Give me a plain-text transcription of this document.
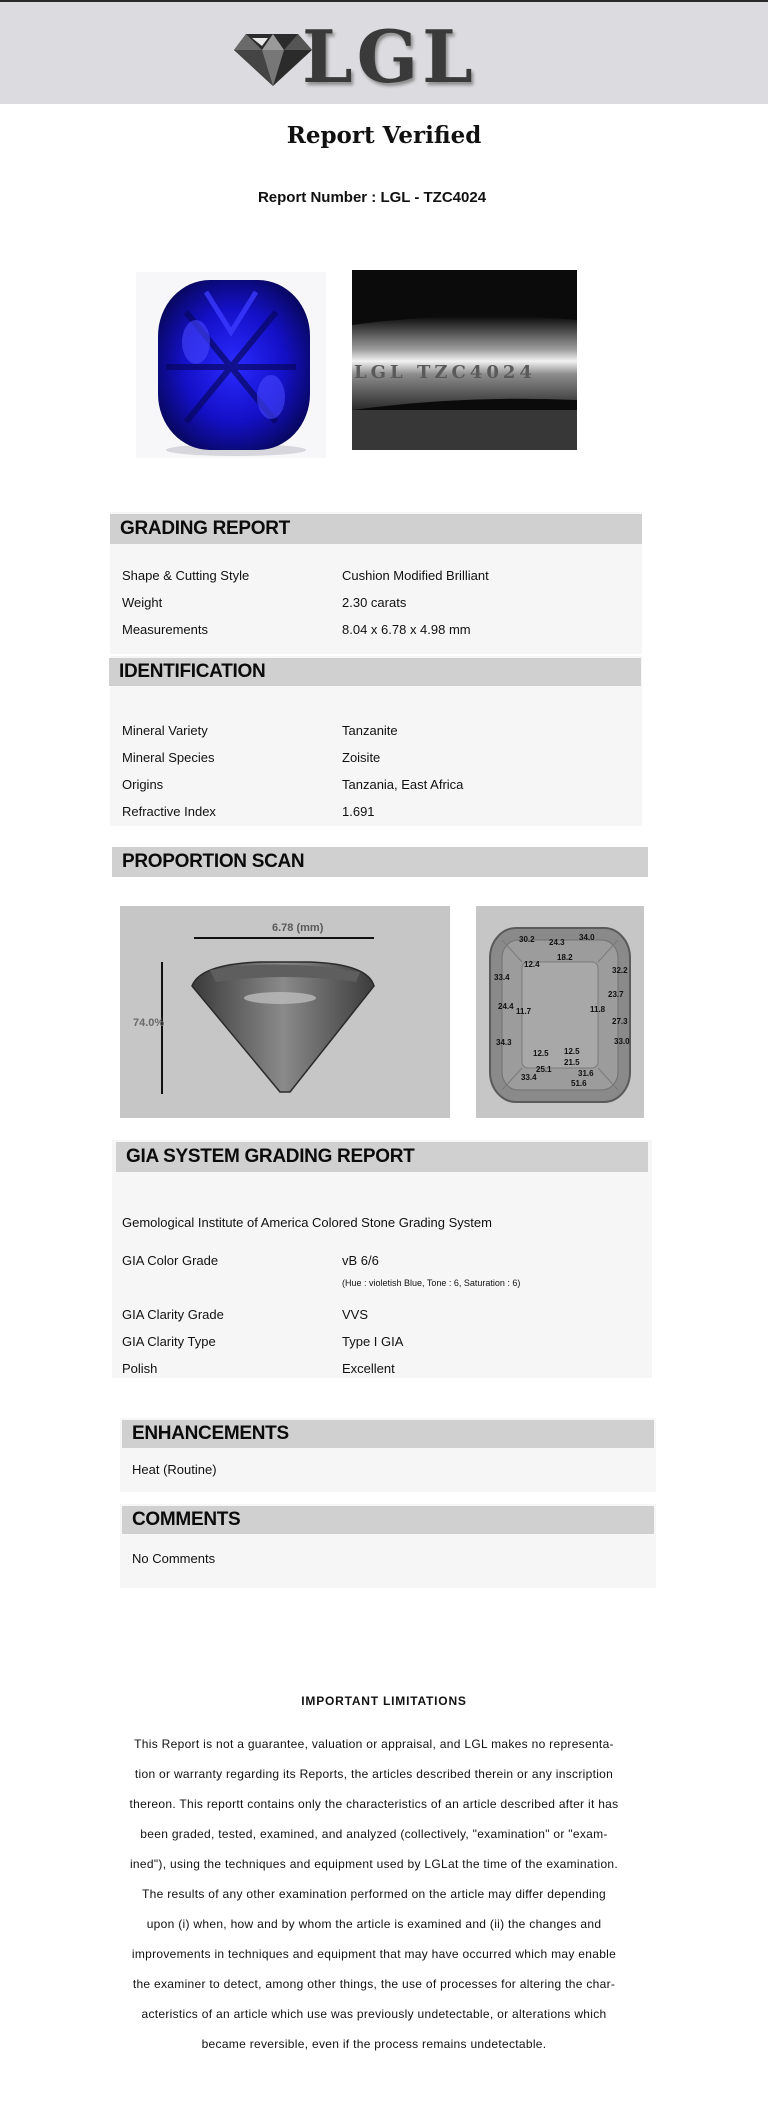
LGL
Report Verified
Report Number : LGL - TZC4024
LGL TZC4024
GRADING REPORT
Shape & Cutting Style	Cushion Modified Brilliant
Weight	2.30 carats
Measurements	8.04 x 6.78 x 4.98 mm
IDENTIFICATION
Mineral Variety	Tanzanite
Mineral Species	Zoisite
Origins	Tanzania, East Africa
Refractive Index	1.691
PROPORTION SCAN
6.78 (mm)
74.0%
30.2 24.3
34.0
18.2
12.4
33.4
32.2
23.7
24.4
11.7	11.8
27.3
34.3	33.0
12.5 12.5
21.5
25.1	31.6
33.4
51.6
GIA SYSTEM GRADING REPORT
Gemological Institute of America Colored Stone Grading System
GIA Color Grade	vB 6/6
(Hue : violetish Blue, Tone : 6, Saturation : 6)
GIA Clarity Grade	VVS
GIA Clarity Type	Type I GIA
Polish	Excellent
ENHANCEMENTS
Heat (Routine)
COMMENTS
No Comments
IMPORTANT LIMITATIONS
This Report is not a guarantee, valuation or appraisal, and LGL makes no representa-
tion or warranty regarding its Reports, the articles described therein or any inscription
thereon. This reportt contains only the characteristics of an article described after it has
been graded, tested, examined, and analyzed (collectively, "examination" or "exam-
ined"), using the techniques and equipment used by LGLat the time of the examination.
The results of any other examination performed on the article may differ depending
upon (i) when, how and by whom the article is examined and (ii) the changes and
improvements in techniques and equipment that may have occurred which may enable
the examiner to detect, among other things, the use of processes for altering the char-
acteristics of an article which use was previously undetectable, or alterations which
became reversible, even if the process remains undetectable.
